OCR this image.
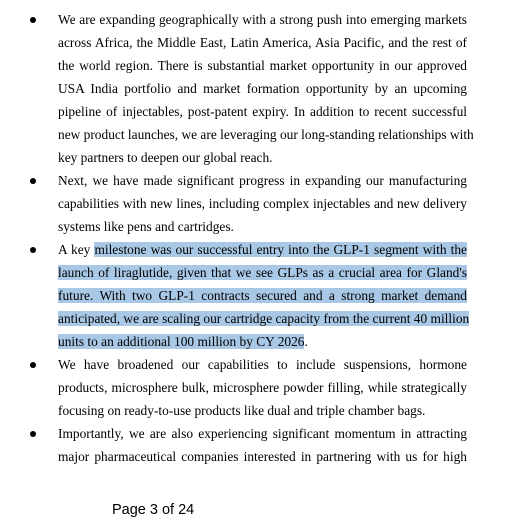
We are expanding geographically with a strong push into emerging markets
across Africa, the Middle East, Latin America, Asia Pacific, and the rest of
the world region. There is substantial market opportunity in our approved
USA India portfolio and market formation opportunity by an upcoming
pipeline of injectables, post-patent expiry. In addition to recent successful
new product launches, we are leveraging our long-standing relationships with
key partners to deepen our global reach.
Next, we have made significant progress in expanding our manufacturing
capabilities with new lines, including complex injectables and new delivery
systems like pens and cartridges.
A key milestone was our successful entry into the GLP-1 segment with the
launch of liraglutide, given that we see GLPs as a crucial area for Gland's
future. With two GLP-1 contracts secured and a strong market demand
anticipated, we are scaling our cartridge capacity from the current 40 million
units to an additional 100 million by CY 2026.
We have broadened our capabilities to include suspensions, hormone
products, microsphere bulk, microsphere powder filling, while strategically
focusing on ready-to-use products like dual and triple chamber bags.
Importantly, we are also experiencing significant momentum in attracting
major pharmaceutical companies interested in partnering with us for high
Page 3 of 24
